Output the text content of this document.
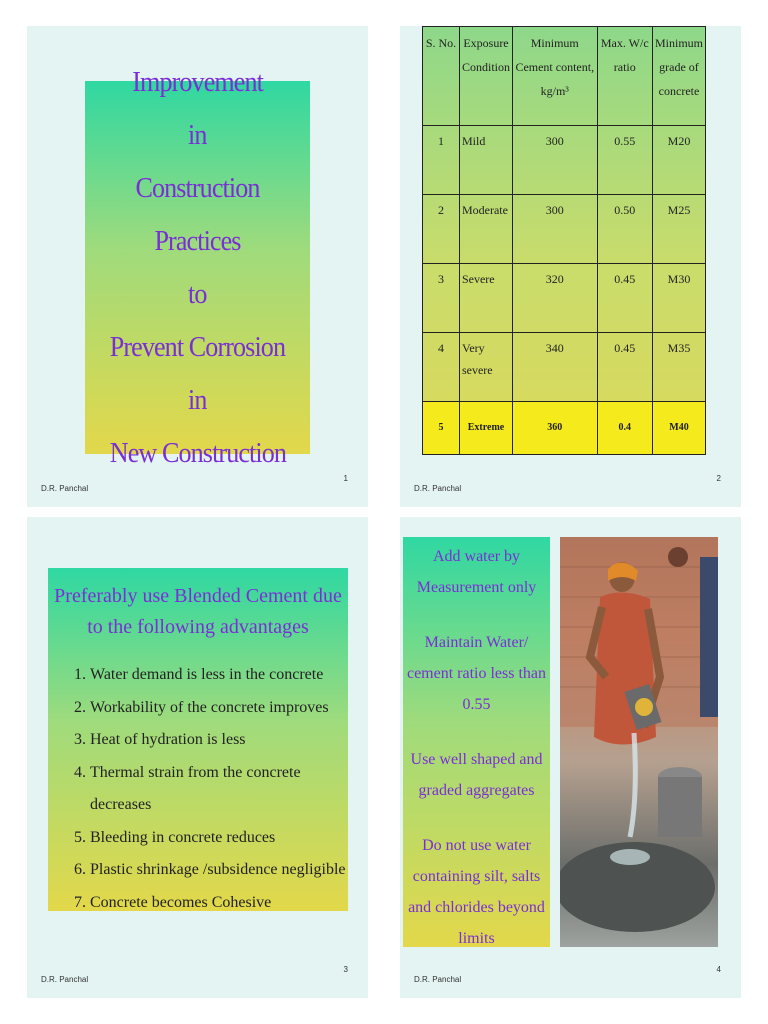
Improvement
in
Construction Practices
to
Prevent Corrosion
in
New Construction
D.R. Panchal
1
S. No.	Exposure Condition	Minimum Cement content, kg/m³	Max. W/c ratio	Minimum grade of concrete
1	Mild	300	0.55	M20
2	Moderate	300	0.50	M25
3	Severe	320	0.45	M30
4	Very severe	340	0.45	M35
5	Extreme	360	0.4	M40
D.R. Panchal
2
Preferably use Blended Cement due to the following advantages
1. Water demand is less in the concrete
2. Workability of the concrete improves
3. Heat of hydration is less
4. Thermal strain from the concrete decreases
5. Bleeding in concrete reduces
6. Plastic shrinkage /subsidence negligible
7. Concrete becomes Cohesive
D.R. Panchal
3
Add water by Measurement only
Maintain Water/ cement ratio less than 0.55
Use well shaped and graded aggregates
Do not use water containing silt, salts and chlorides beyond limits
D.R. Panchal
4
